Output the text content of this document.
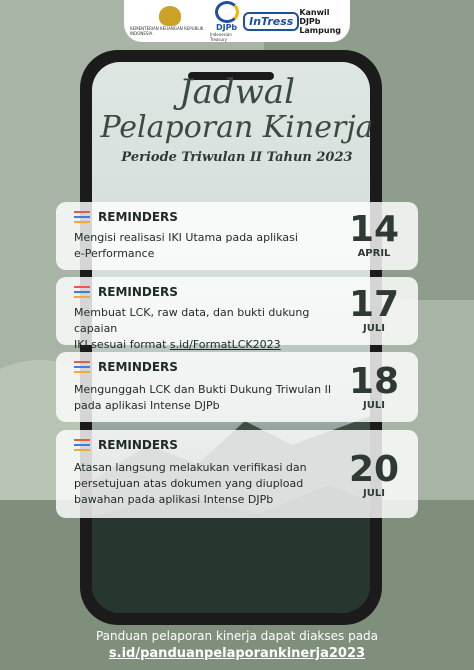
KEMENTERIAN KEUANGAN REPUBLIK INDONESIA
DJPb
Indonesian Treasury
InTress
Kanwil DJPb
Lampung
Jadwal
Pelaporan Kinerja
Periode Triwulan II Tahun 2023
REMINDERS
Mengisi realisasi IKI Utama pada aplikasi
e-Performance
14
APRIL
REMINDERS
Membuat LCK, raw data, dan bukti dukung capaian
IKI sesuai format s.id/FormatLCK2023
17
JULI
REMINDERS
Mengunggah LCK dan Bukti Dukung Triwulan II
pada aplikasi Intense DJPb
18
JULI
REMINDERS
Atasan langsung melakukan verifikasi dan
persetujuan atas dokumen yang diupload
bawahan pada aplikasi Intense DJPb
20
JULI
Panduan pelaporan kinerja dapat diakses pada
s.id/panduanpelaporankinerja2023
